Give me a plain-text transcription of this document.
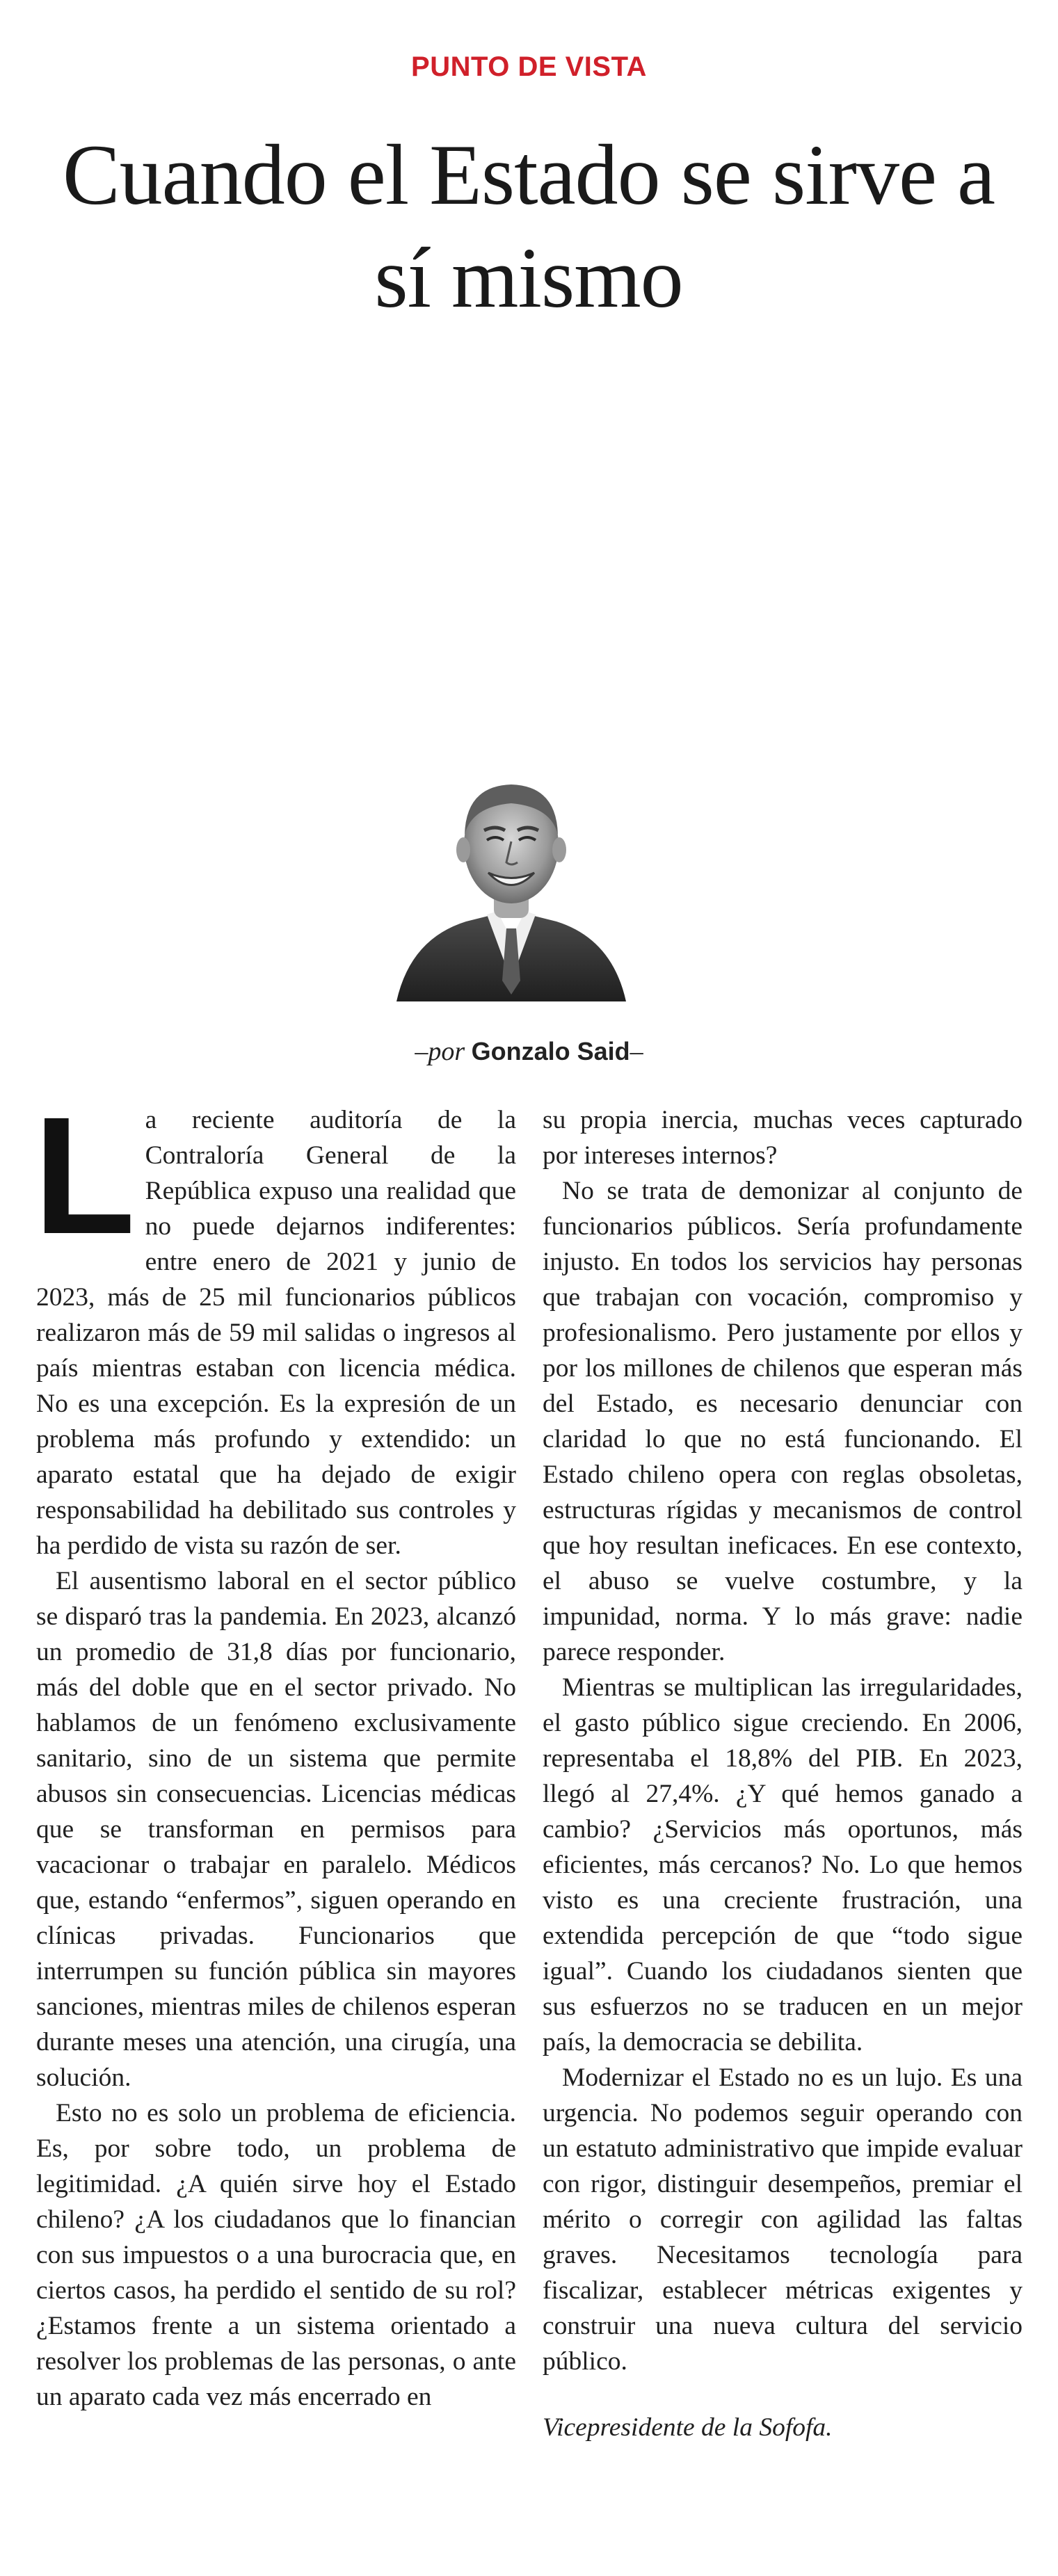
PUNTO DE VISTA
Cuando el Estado se sirve a sí mismo
–por Gonzalo Said–

La reciente auditoría de la Contraloría General de la República expuso una realidad que no puede dejarnos indiferentes: entre enero de 2021 y junio de 2023, más de 25 mil funcionarios públicos realizaron más de 59 mil salidas o ingresos al país mientras estaban con licencia médica. No es una excepción. Es la expresión de un problema más profundo y extendido: un aparato estatal que ha dejado de exigir responsabilidad ha debilitado sus controles y ha perdido de vista su razón de ser.

El ausentismo laboral en el sector público se disparó tras la pandemia. En 2023, alcanzó un promedio de 31,8 días por funcionario, más del doble que en el sector privado. No hablamos de un fenómeno exclusivamente sanitario, sino de un sistema que permite abusos sin consecuencias. Licencias médicas que se transforman en permisos para vacacionar o trabajar en paralelo. Médicos que, estando “enfermos”, siguen operando en clínicas privadas. Funcionarios que interrumpen su función pública sin mayores sanciones, mientras miles de chilenos esperan durante meses una atención, una cirugía, una solución.

Esto no es solo un problema de eficiencia. Es, por sobre todo, un problema de legitimidad. ¿A quién sirve hoy el Estado chileno? ¿A los ciudadanos que lo financian con sus impuestos o a una burocracia que, en ciertos casos, ha perdido el sentido de su rol? ¿Estamos frente a un sistema orientado a resolver los problemas de las personas, o ante un aparato cada vez más encerrado en

su propia inercia, muchas veces capturado por intereses internos?

No se trata de demonizar al conjunto de funcionarios públicos. Sería profundamente injusto. En todos los servicios hay personas que trabajan con vocación, compromiso y profesionalismo. Pero justamente por ellos y por los millones de chilenos que esperan más del Estado, es necesario denunciar con claridad lo que no está funcionando. El Estado chileno opera con reglas obsoletas, estructuras rígidas y mecanismos de control que hoy resultan ineficaces. En ese contexto, el abuso se vuelve costumbre, y la impunidad, norma. Y lo más grave: nadie parece responder.

Mientras se multiplican las irregularidades, el gasto público sigue creciendo. En 2006, representaba el 18,8% del PIB. En 2023, llegó al 27,4%. ¿Y qué hemos ganado a cambio? ¿Servicios más oportunos, más eficientes, más cercanos? No. Lo que hemos visto es una creciente frustración, una extendida percepción de que “todo sigue igual”. Cuando los ciudadanos sienten que sus esfuerzos no se traducen en un mejor país, la democracia se debilita.

Modernizar el Estado no es un lujo. Es una urgencia. No podemos seguir operando con un estatuto administrativo que impide evaluar con rigor, distinguir desempeños, premiar el mérito o corregir con agilidad las faltas graves. Necesitamos tecnología para fiscalizar, establecer métricas exigentes y construir una nueva cultura del servicio público.

Vicepresidente de la Sofofa.
